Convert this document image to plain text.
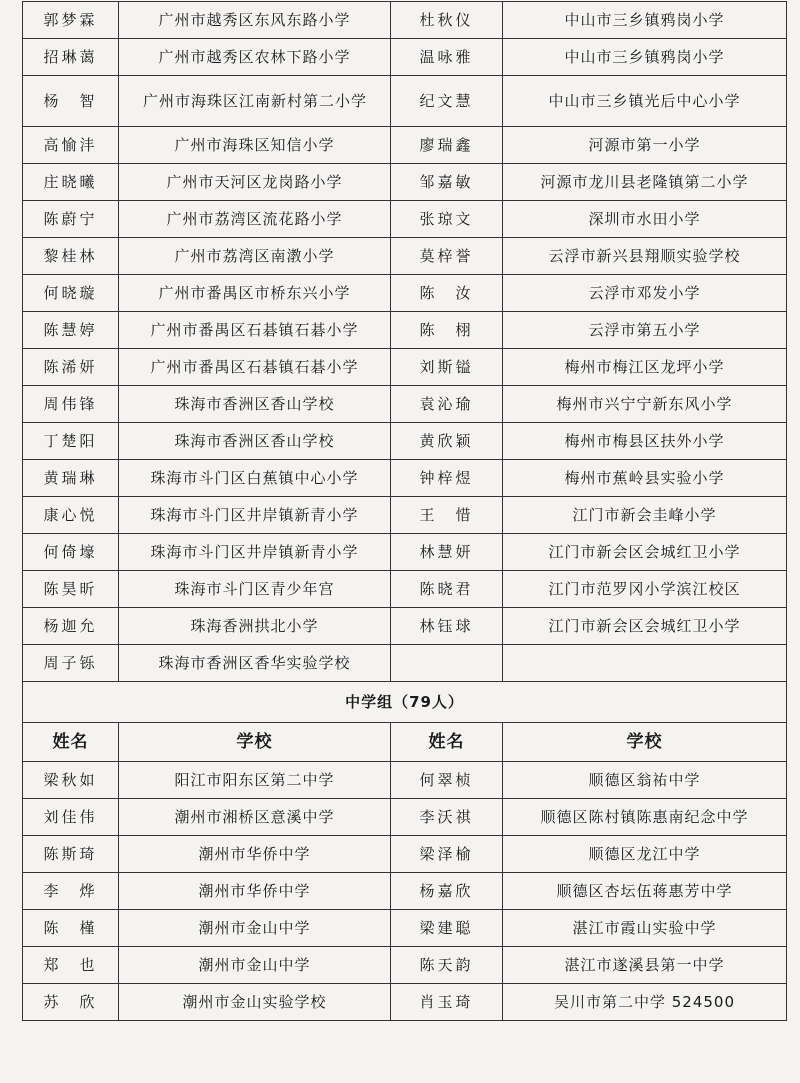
郭梦霖	广州市越秀区东风东路小学	杜秋仪	中山市三乡镇鸦岗小学
招琳蔼	广州市越秀区农林下路小学	温咏雅	中山市三乡镇鸦岗小学
杨　智	广州市海珠区江南新村第二小学	纪文慧	中山市三乡镇光后中心小学
高愉沣	广州市海珠区知信小学	廖瑞鑫	河源市第一小学
庄晓曦	广州市天河区龙岗路小学	邹嘉敏	河源市龙川县老隆镇第二小学
陈蔚宁	广州市荔湾区流花路小学	张琼文	深圳市水田小学
黎桂林	广州市荔湾区南漖小学	莫梓誉	云浮市新兴县翔顺实验学校
何晓璇	广州市番禺区市桥东兴小学	陈　汝	云浮市邓发小学
陈慧婷	广州市番禺区石碁镇石碁小学	陈　栩	云浮市第五小学
陈浠妍	广州市番禺区石碁镇石碁小学	刘斯镒	梅州市梅江区龙坪小学
周伟锋	珠海市香洲区香山学校	袁沁瑜	梅州市兴宁宁新东风小学
丁楚阳	珠海市香洲区香山学校	黄欣颖	梅州市梅县区扶外小学
黄瑞琳	珠海市斗门区白蕉镇中心小学	钟梓煜	梅州市蕉岭县实验小学
康心悦	珠海市斗门区井岸镇新青小学	王　惜	江门市新会圭峰小学
何倚壕	珠海市斗门区井岸镇新青小学	林慧妍	江门市新会区会城红卫小学
陈昊昕	珠海市斗门区青少年宫	陈晓君	江门市范罗冈小学滨江校区
杨迦允	珠海香洲拱北小学	林钰球	江门市新会区会城红卫小学
周子铄	珠海市香洲区香华实验学校		
中学组（79人）			
姓名	学校	姓名	学校
梁秋如	阳江市阳东区第二中学	何翠桢	顺德区翁祐中学
刘佳伟	潮州市湘桥区意溪中学	李沃祺	顺德区陈村镇陈惠南纪念中学
陈斯琦	潮州市华侨中学	梁泽榆	顺德区龙江中学
李　烨	潮州市华侨中学	杨嘉欣	顺德区杏坛伍蒋惠芳中学
陈　槿	潮州市金山中学	梁建聪	湛江市霞山实验中学
郑　也	潮州市金山中学	陈天韵	湛江市遂溪县第一中学
苏　欣	潮州市金山实验学校	肖玉琦	吴川市第二中学 524500
